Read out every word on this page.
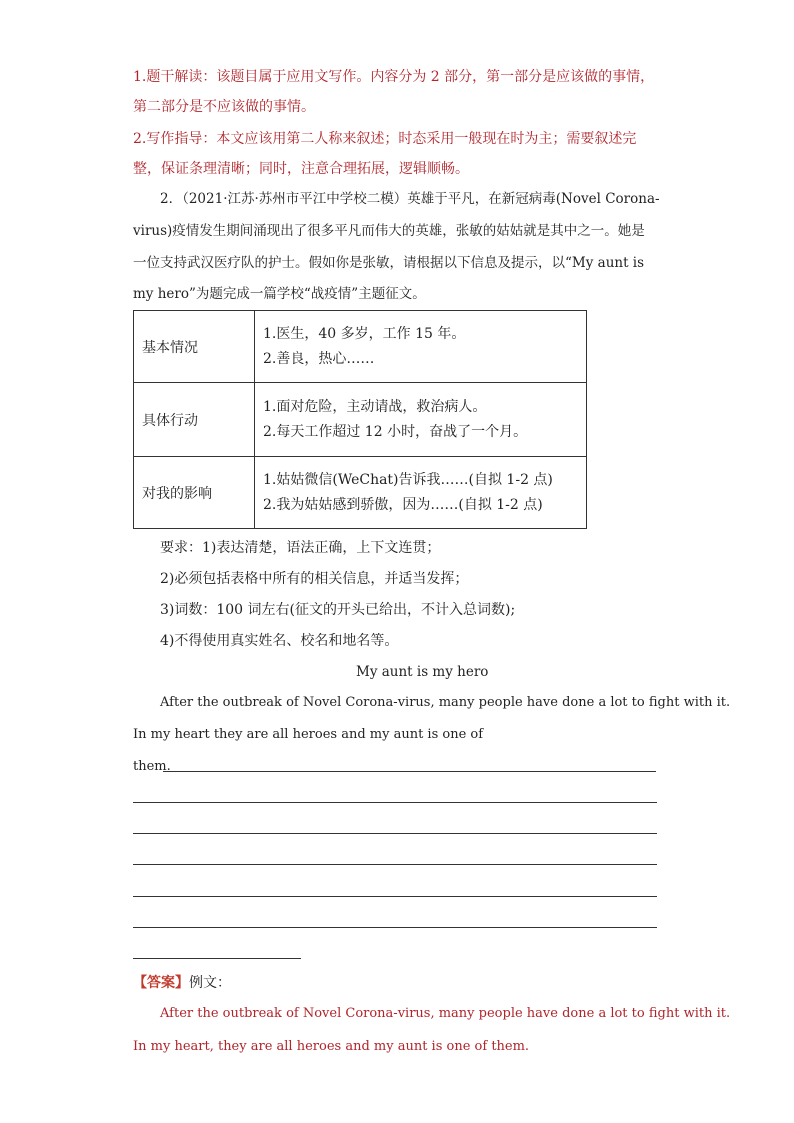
1.题干解读：该题目属于应用文写作。内容分为 2 部分，第一部分是应该做的事情，
第二部分是不应该做的事情。
2.写作指导：本文应该用第二人称来叙述；时态采用一般现在时为主；需要叙述完
整，保证条理清晰；同时，注意合理拓展，逻辑顺畅。
2．（2021·江苏·苏州市平江中学校二模）英雄于平凡，在新冠病毒(Novel Corona-
virus)疫情发生期间涌现出了很多平凡而伟大的英雄，张敏的姑姑就是其中之一。她是
一位支持武汉医疗队的护士。假如你是张敏，请根据以下信息及提示，以“My aunt is
my hero”为题完成一篇学校“战疫情”主题征文。
基本情况	1.医生，40 多岁，工作 15 年。
2.善良，热心……

具体行动	1.面对危险，主动请战，救治病人。
2.每天工作超过 12 小时，奋战了一个月。

对我的影响	1.姑姑微信(WeChat)告诉我……(自拟 1-2 点)
2.我为姑姑感到骄傲，因为……(自拟 1-2 点)
要求：1)表达清楚，语法正确，上下文连贯；
2)必须包括表格中所有的相关信息，并适当发挥；
3)词数：100 词左右(征文的开头已给出，不计入总词数);
4)不得使用真实姓名、校名和地名等。
My aunt is my hero
After the outbreak of Novel Corona-virus, many people have done a lot to fight with it.
In my heart they are all heroes and my aunt is one of
them.
【答案】例文：
After the outbreak of Novel Corona-virus, many people have done a lot to fight with it.
In my heart, they are all heroes and my aunt is one of them.
